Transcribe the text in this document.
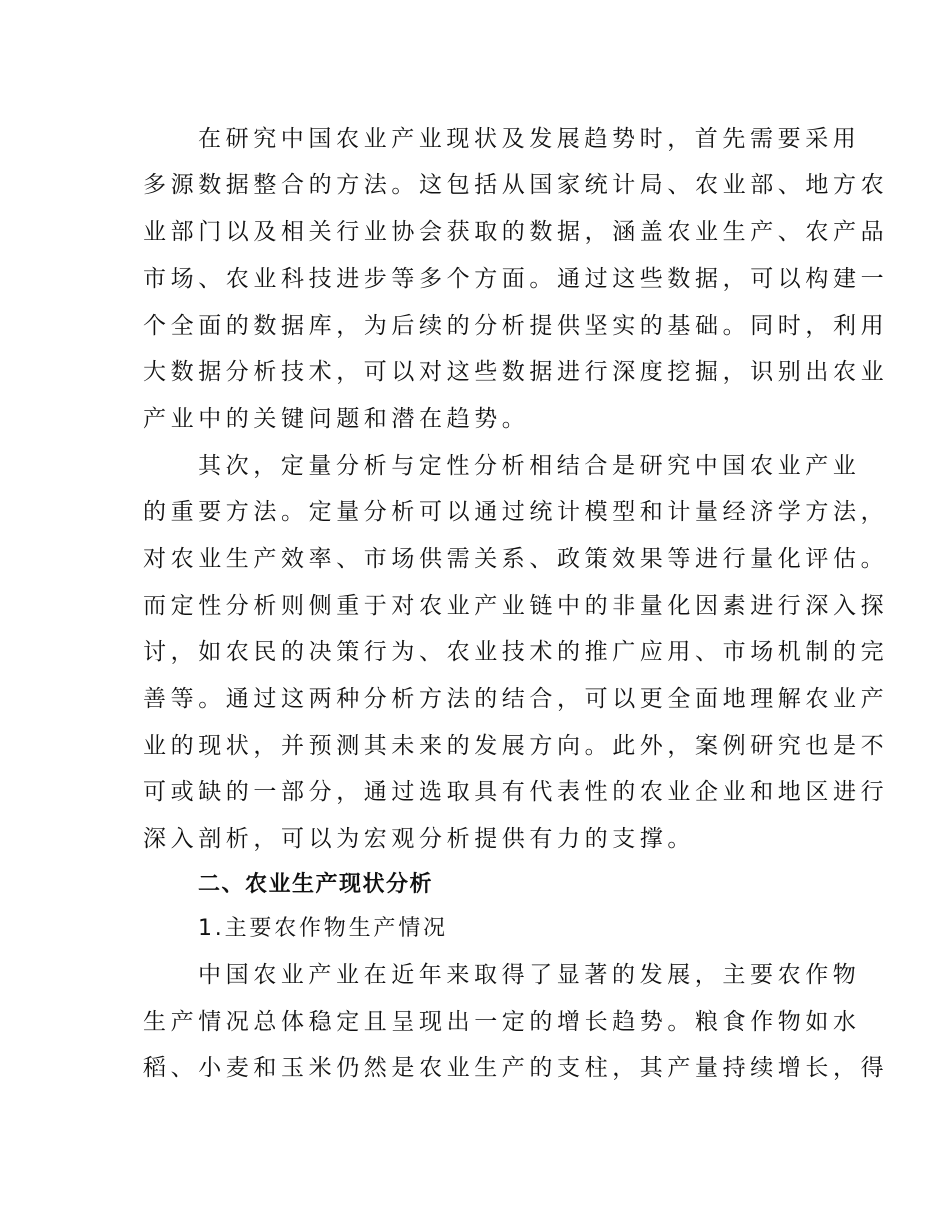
在研究中国农业产业现状及发展趋势时，首先需要采用
多源数据整合的方法。这包括从国家统计局、农业部、地方农
业部门以及相关行业协会获取的数据，涵盖农业生产、农产品
市场、农业科技进步等多个方面。通过这些数据，可以构建一
个全面的数据库，为后续的分析提供坚实的基础。同时，利用
大数据分析技术，可以对这些数据进行深度挖掘，识别出农业
产业中的关键问题和潜在趋势。
其次，定量分析与定性分析相结合是研究中国农业产业
的重要方法。定量分析可以通过统计模型和计量经济学方法，
对农业生产效率、市场供需关系、政策效果等进行量化评估。
而定性分析则侧重于对农业产业链中的非量化因素进行深入探
讨，如农民的决策行为、农业技术的推广应用、市场机制的完
善等。通过这两种分析方法的结合，可以更全面地理解农业产
业的现状，并预测其未来的发展方向。此外，案例研究也是不
可或缺的一部分，通过选取具有代表性的农业企业和地区进行
深入剖析，可以为宏观分析提供有力的支撑。
二、农业生产现状分析
1.主要农作物生产情况
中国农业产业在近年来取得了显著的发展，主要农作物
生产情况总体稳定且呈现出一定的增长趋势。粮食作物如水
稻、小麦和玉米仍然是农业生产的支柱，其产量持续增长，得
